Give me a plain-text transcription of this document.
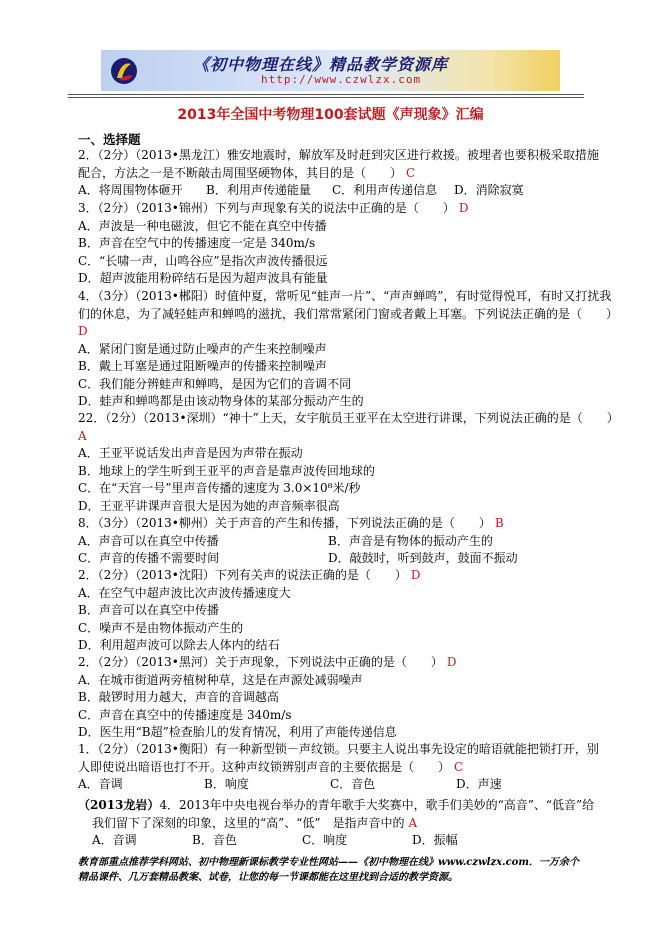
《初中物理在线》精品教学资源库
http://www.czwlzx.com
2013年全国中考物理100套试题《声现象》汇编
一、选择题
2．（2分）（2013•黑龙江）雅安地震时，解放军及时赶到灾区进行救援。被埋者也要积极采取措施
配合，方法之一是不断敲击周围坚硬物体，其目的是（　　） C
A．将周围物体砸开	B．利用声传递能量	C．利用声传递信息	D．消除寂寞
3．（2分）（2013•锦州）下列与声现象有关的说法中正确的是（　　） D
A．声波是一种电磁波，但它不能在真空中传播
B．声音在空气中的传播速度一定是 340m/s
C．“长啸一声，山鸣谷应”是指次声波传播很远
D．超声波能用粉碎结石是因为超声波具有能量
4．（3分）（2013•郴阳）时值仲夏，常听见“蛙声一片”、“声声蝉鸣”，有时觉得悦耳，有时又打扰我
们的休息，为了减轻蛙声和蝉鸣的滋扰，我们常常紧闭门窗或者戴上耳塞。下列说法正确的是（　　）
D
A．紧闭门窗是通过防止噪声的产生来控制噪声
B．戴上耳塞是通过阻断噪声的传播来控制噪声
C．我们能分辨蛙声和蝉鸣，是因为它们的音调不同
D．蛙声和蝉鸣都是由该动物身体的某部分振动产生的
22．（2分）（2013•深圳）“神十”上天，女宇航员王亚平在太空进行讲课，下列说法正确的是（　　）
A
A．王亚平说话发出声音是因为声带在振动
B．地球上的学生听到王亚平的声音是靠声波传回地球的
C．在“天宫一号”里声音传播的速度为 3.0×10⁸米/秒
D．王亚平讲课声音很大是因为她的声音频率很高
8．（3分）（2013•柳州）关于声音的产生和传播，下列说法正确的是（　　） B
A．声音可以在真空中传播	B．声音是有物体的振动产生的
C．声音的传播不需要时间	D．敲鼓时，听到鼓声，鼓面不振动
2．（2分）（2013•沈阳）下列有关声的说法正确的是（　　） D
A．在空气中超声波比次声波传播速度大
B．声音可以在真空中传播
C．噪声不是由物体振动产生的
D．利用超声波可以除去人体内的结石
2．（2分）（2013•黑河）关于声现象，下列说法中正确的是（　　） D
A．在城市街道两旁植树种草，这是在声源处减弱噪声
B．敲锣时用力越大，声音的音调越高
C．声音在真空中的传播速度是 340m/s
D．医生用“B超”检查胎儿的发育情况，利用了声能传递信息
1．（2分）（2013•衡阳）有一种新型锁－声纹锁。只要主人说出事先设定的暗语就能把锁打开，别
人即使说出暗语也打不开。这种声纹锁辨别声音的主要依据是（　　） C
A．音调	B．响度	C．音色	D．声速
（2013龙岩）4．2013年中央电视台举办的青年歌手大奖赛中，歌手们美妙的“高音”、“低音”给
我们留下了深刻的印象，这里的“高”、“低”　是指声音中的 A
A．音调	B．音色	C．响度	D．振幅
教育部重点推荐学科网站、初中物理新课标教学专业性网站——《初中物理在线》www.czwlzx.com．一万余个精品课件、几万套精品教案、试卷，让您的每一节课都能在这里找到合适的教学资源。
